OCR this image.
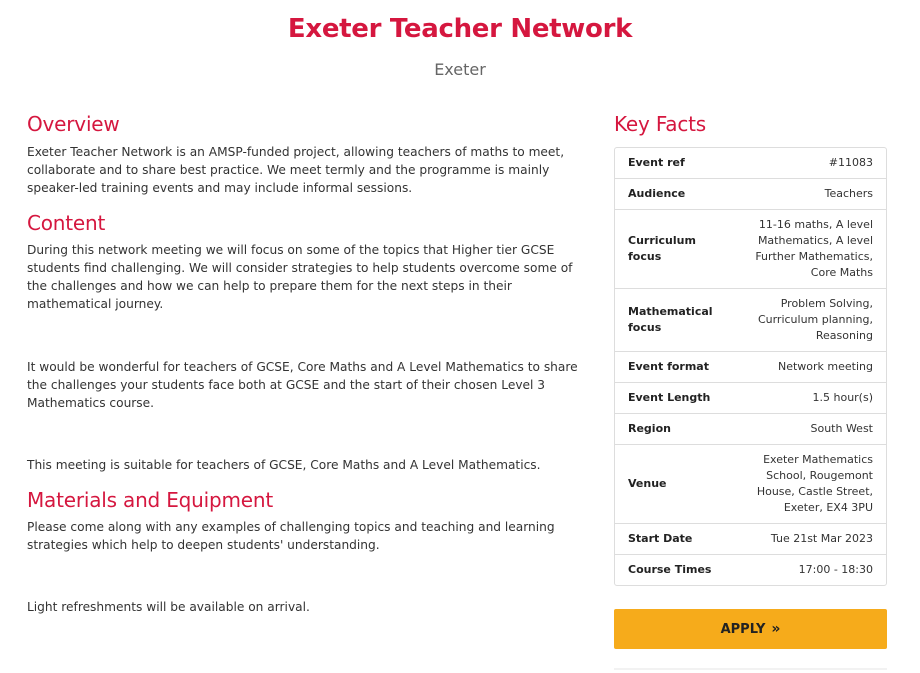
Exeter Teacher Network
Exeter
Overview

Exeter Teacher Network is an AMSP-funded project, allowing teachers of maths to meet, collaborate and to share best practice. We meet termly and the programme is mainly speaker-led training events and may include informal sessions.

Content

During this network meeting we will focus on some of the topics that Higher tier GCSE students find challenging. We will consider strategies to help students overcome some of the challenges and how we can help to prepare them for the next steps in their mathematical journey.

It would be wonderful for teachers of GCSE, Core Maths and A Level Mathematics to share the challenges your students face both at GCSE and the start of their chosen Level 3 Mathematics course.

This meeting is suitable for teachers of GCSE, Core Maths and A Level Mathematics.

Materials and Equipment

Please come along with any examples of challenging topics and teaching and learning strategies which help to deepen students' understanding.

Light refreshments will be available on arrival.

Key Facts
Event ref	#11083
Audience	Teachers
Curriculum focus	11-16 maths, A level Mathematics, A level Further Mathematics, Core Maths
Mathematical focus	Problem Solving, Curriculum planning, Reasoning
Event format	Network meeting
Event Length	1.5 hour(s)
Region	South West
Venue	Exeter Mathematics School, Rougemont House, Castle Street, Exeter, EX4 3PU
Start Date	Tue 21st Mar 2023
Course Times	17:00 - 18:30
APPLY »
